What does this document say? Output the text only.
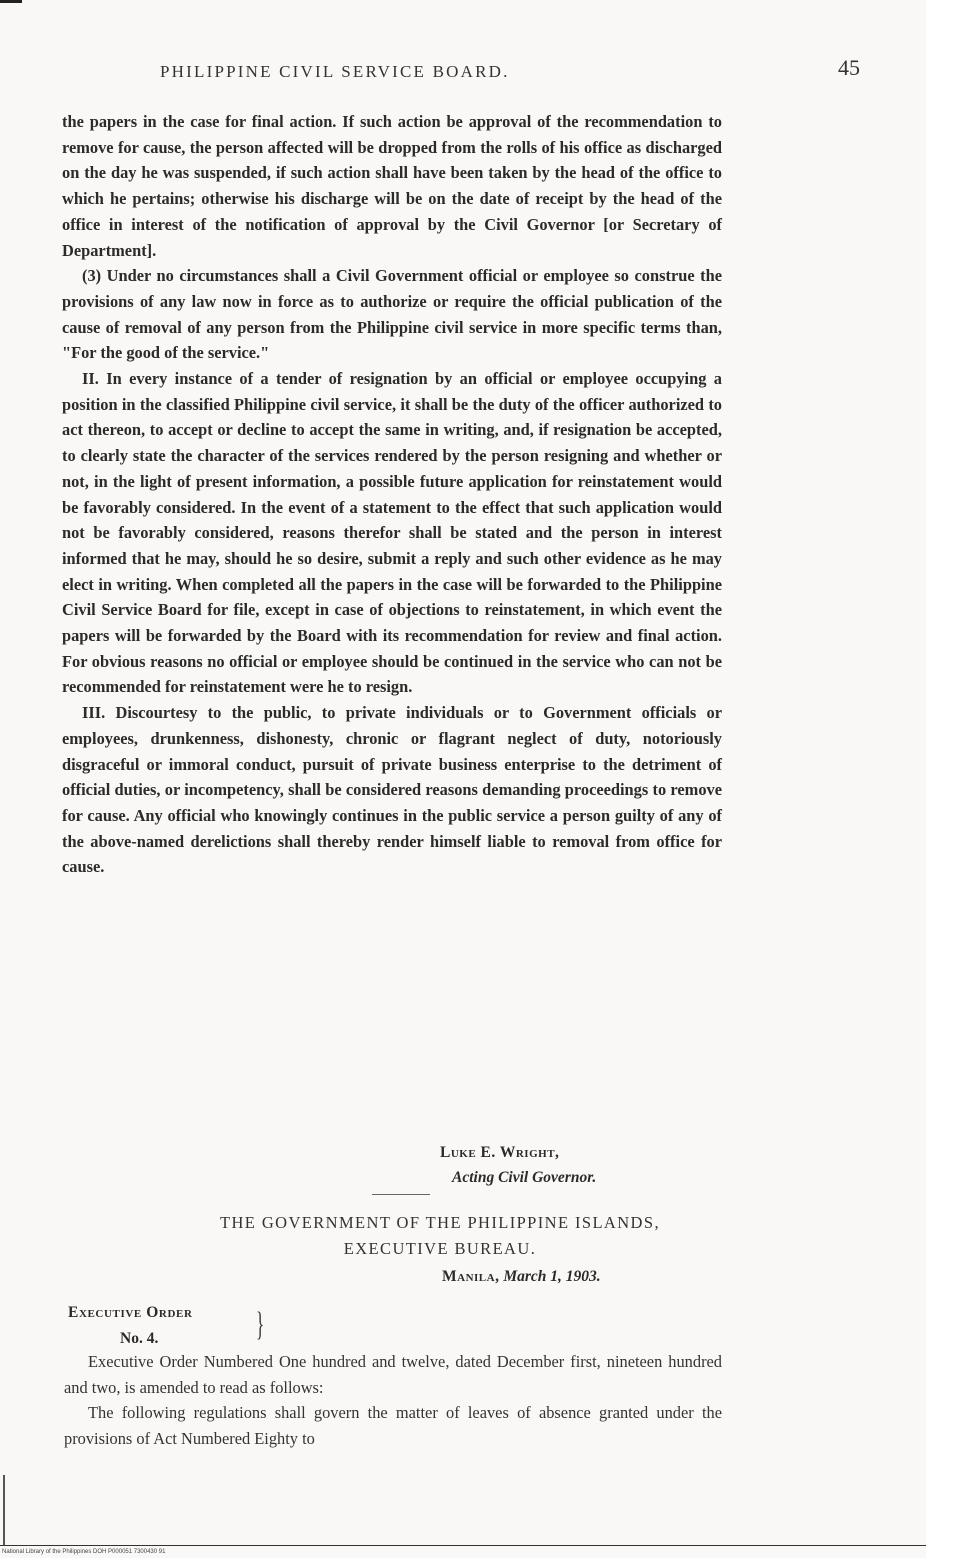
PHILIPPINE CIVIL SERVICE BOARD.	45

the papers in the case for final action. If such action be approval of the recommendation to remove for cause, the person affected will be dropped from the rolls of his office as discharged on the day he was suspended, if such action shall have been taken by the head of the office to which he pertains; otherwise his discharge will be on the date of receipt by the head of the office in interest of the notification of approval by the Civil Governor [or Secretary of Department].

(3) Under no circumstances shall a Civil Government official or employee so construe the provisions of any law now in force as to authorize or require the official publication of the cause of removal of any person from the Philippine civil service in more specific terms than, "For the good of the service."

II. In every instance of a tender of resignation by an official or employee occupying a position in the classified Philippine civil service, it shall be the duty of the officer authorized to act thereon, to accept or decline to accept the same in writing, and, if resignation be accepted, to clearly state the character of the services rendered by the person resigning and whether or not, in the light of present information, a possible future application for reinstatement would be favorably considered. In the event of a statement to the effect that such application would not be favorably considered, reasons therefor shall be stated and the person in interest informed that he may, should he so desire, submit a reply and such other evidence as he may elect in writing. When completed all the papers in the case will be forwarded to the Philippine Civil Service Board for file, except in case of objections to reinstatement, in which event the papers will be forwarded by the Board with its recommendation for review and final action. For obvious reasons no official or employee should be continued in the service who can not be recommended for reinstatement were he to resign.

III. Discourtesy to the public, to private individuals or to Government officials or employees, drunkenness, dishonesty, chronic or flagrant neglect of duty, notoriously disgraceful or immoral conduct, pursuit of private business enterprise to the detriment of official duties, or incompetency, shall be considered reasons demanding proceedings to remove for cause. Any official who knowingly continues in the public service a person guilty of any of the above-named derelictions shall thereby render himself liable to removal from office for cause.

Luke E. Wright,
Acting Civil Governor.
THE GOVERNMENT OF THE PHILIPPINE ISLANDS,
EXECUTIVE BUREAU.
Manila, March 1, 1903.
Executive Order
No. 4.	}

Executive Order Numbered One hundred and twelve, dated December first, nineteen hundred and two, is amended to read as follows:

The following regulations shall govern the matter of leaves of absence granted under the provisions of Act Numbered Eighty to

National Library of the Philippines DOH P000051 7300430 91
